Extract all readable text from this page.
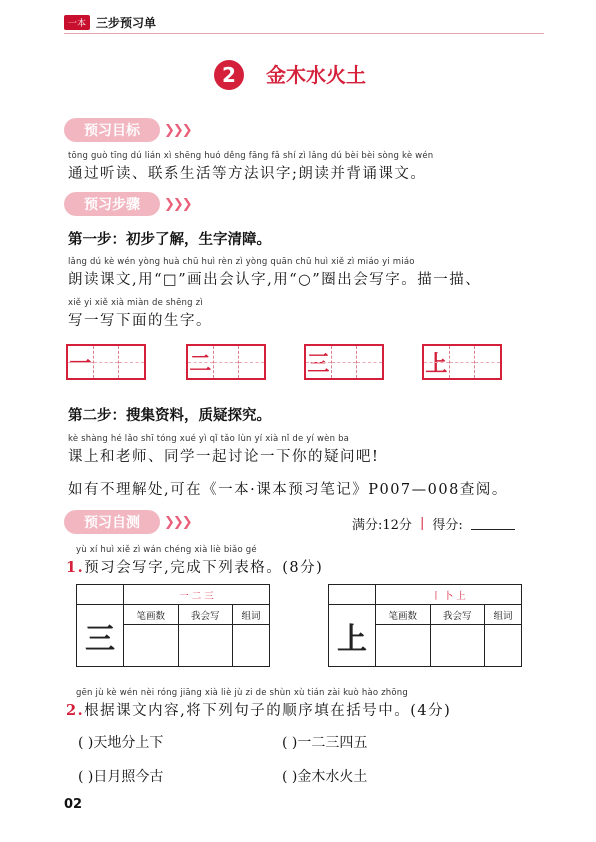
一本 三步预习单
2	金木水火土
预习目标	❯❯❯
tōng guò tīng dú lián xì shēng huó děng fāng fǎ shí zì lǎng dú bèi bèi sòng kè wén
通过听读、联系生活等方法识字;朗读并背诵课文。
预习步骤	❯❯❯
第一步：初步了解，生字清障。
lǎng dú kè wén yòng huà chū huì rèn zì yòng quān chū huì xiě zì miáo yi miáo
朗读课文,用“□”画出会认字,用“○”圈出会写字。描一描、
xiě yi xiě xià miàn de shēng zì
写一写下面的生字。
一	二	三	上
第二步：搜集资料，质疑探究。
kè shàng hé lǎo shī tóng xué yì qǐ tǎo lùn yí xià nǐ de yí wèn ba
课上和老师、同学一起讨论一下你的疑问吧!
如有不理解处,可在《一本·课本预习笔记》P007—008查阅。
预习自测	❯❯❯	满分:12分 | 得分:
yù xí huì xiě zì wán chéng xià liè biǎo gé
1.预习会写字,完成下列表格。(8分)
	一 二 三		
三	笔画数	我会写	组词

	丨 卜 上		
上	笔画数	我会写	组词

gēn jù kè wén nèi róng jiāng xià liè jù zi de shùn xù tián zài kuò hào zhōng
2.根据课文内容,将下列句子的顺序填在括号中。(4分)
( )天地分上下	( )一二三四五
( )日月照今古	( )金木水火土
02
